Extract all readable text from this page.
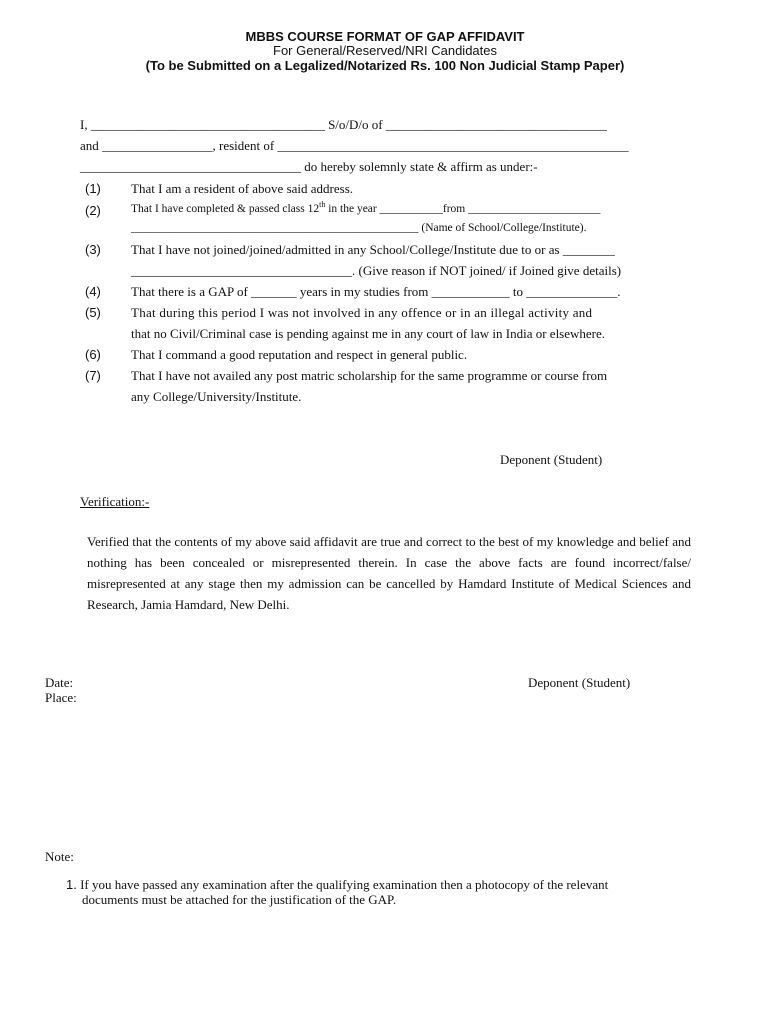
MBBS COURSE FORMAT OF GAP AFFIDAVIT
For General/Reserved/NRI Candidates
(To be Submitted on a Legalized/Notarized Rs. 100 Non Judicial Stamp Paper)
I, ____________________________________ S/o/D/o of __________________________________
and _________________, resident of ______________________________________________________
__________________________________ do hereby solemnly state & affirm as under:-
(1) That I am a resident of above said address.
(2)	That I have completed & passed class 12th in the year ___________from _______________________
__________________________________________________ (Name of School/College/Institute).
(3) That I have not joined/joined/admitted in any School/College/Institute due to or as ________
__________________________________. (Give reason if NOT joined/ if Joined give details)
(4) That there is a GAP of _______ years in my studies from ____________ to ______________.
(5) That during this period I was not involved in any offence or in an illegal activity and
that no Civil/Criminal case is pending against me in any court of law in India or elsewhere.
(6) That I command a good reputation and respect in general public.
(7) That I have not availed any post matric scholarship for the same programme or course from
any College/University/Institute.
Deponent (Student)
Verification:-
Verified that the contents of my above said affidavit are true and correct to the best of my knowledge and belief and nothing has been concealed or misrepresented therein. In case the above facts are found incorrect/false/ misrepresented at any stage then my admission can be cancelled by Hamdard Institute of Medical Sciences and Research, Jamia Hamdard, New Delhi.
Date:
Place:
Deponent (Student)
Note:
1. If you have passed any examination after the qualifying examination then a photocopy of the relevant
documents must be attached for the justification of the GAP.
